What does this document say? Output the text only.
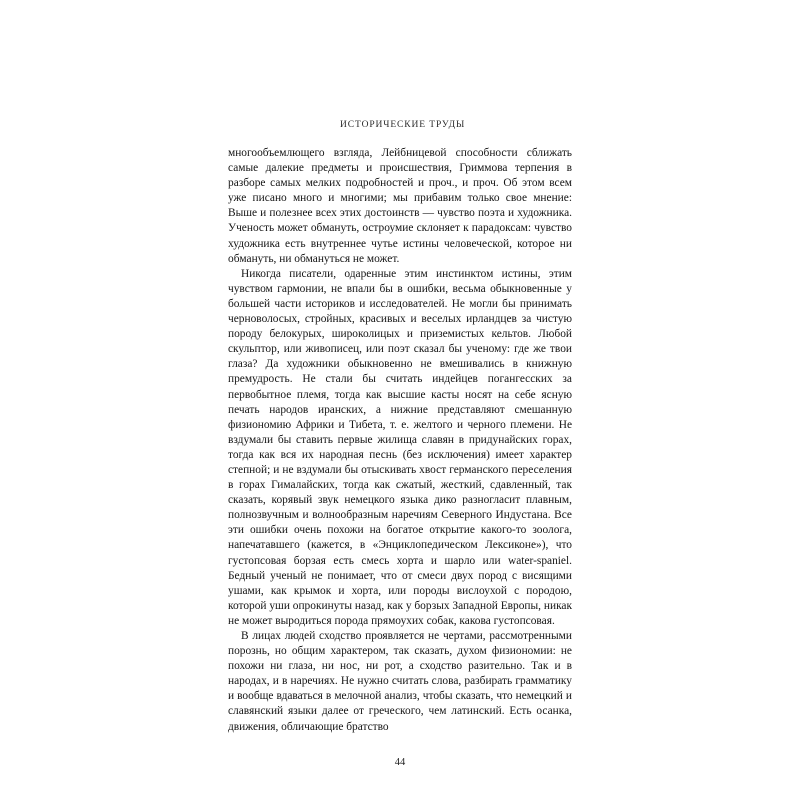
ИСТОРИЧЕСКИЕ ТРУДЫ

многообъемлющего взгляда, Лейбницевой способности сближать самые далекие предметы и происшествия, Гриммова терпения в разборе самых мелких подробностей и проч., и проч. Об этом всем уже писано много и многими; мы прибавим только свое мнение: Выше и полезнее всех этих достоинств — чувство поэта и художника. Ученость может обмануть, остроумие склоняет к парадоксам: чувство художника есть внутреннее чутье истины человеческой, которое ни обмануть, ни обмануться не может.

Никогда писатели, одаренные этим инстинктом истины, этим чувством гармонии, не впали бы в ошибки, весьма обыкновенные у большей части историков и исследователей. Не могли бы принимать черноволосых, стройных, красивых и веселых ирландцев за чистую породу белокурых, широколицых и приземистых кельтов. Любой скульптор, или живописец, или поэт сказал бы ученому: где же твои глаза? Да художники обыкновенно не вмешивались в книжную премудрость. Не стали бы считать индейцев погангесских за первобытное племя, тогда как высшие касты носят на себе ясную печать народов иранских, а нижние представляют смешанную физиономию Африки и Тибета, т. е. желтого и черного племени. Не вздумали бы ставить первые жилища славян в придунайских горах, тогда как вся их народная песнь (без исключения) имеет характер степной; и не вздумали бы отыскивать хвост германского переселения в горах Гималайских, тогда как сжатый, жесткий, сдавленный, так сказать, корявый звук немецкого языка дико разногласит плавным, полнозвучным и волнообразным наречиям Северного Индустана. Все эти ошибки очень похожи на богатое открытие какого-то зоолога, напечатавшего (кажется, в «Энциклопедическом Лексиконе»), что густопсовая борзая есть смесь хорта и шарло или water-spaniel. Бедный ученый не понимает, что от смеси двух пород с висящими ушами, как крымок и хорта, или породы вислоухой с породою, которой уши опрокинуты назад, как у борзых Западной Европы, никак не может выродиться порода прямоухих собак, какова густопсовая.

В лицах людей сходство проявляется не чертами, рассмотренными порознь, но общим характером, так сказать, духом физиономии: не похожи ни глаза, ни нос, ни рот, а сходство разительно. Так и в народах, и в наречиях. Не нужно считать слова, разбирать грамматику и вообще вдаваться в мелочной анализ, чтобы сказать, что немецкий и славянский языки далее от греческого, чем латинский. Есть осанка, движения, обличающие братство

44
